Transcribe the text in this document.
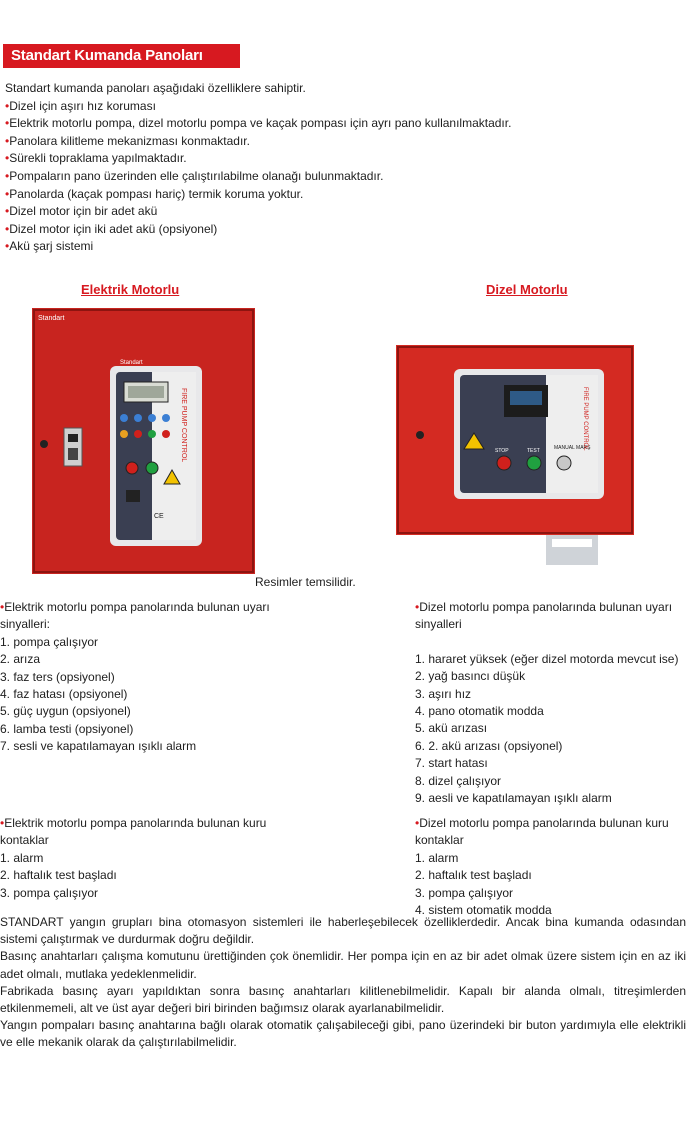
Standart Kumanda Panoları
Standart kumanda panoları aşağıdaki özelliklere sahiptir.
•Dizel için aşırı hız koruması
•Elektrik motorlu pompa, dizel motorlu pompa ve kaçak pompası için ayrı pano kullanılmaktadır.
•Panolara kilitleme mekanizması konmaktadır.
•Sürekli topraklama yapılmaktadır.
•Pompaların pano üzerinden elle çalıştırılabilme olanağı bulunmaktadır.
•Panolarda (kaçak pompası hariç) termik koruma yoktur.
•Dizel motor için bir adet akü
•Dizel motor için iki adet akü (opsiyonel)
•Akü şarj sistemi
Elektrik Motorlu	Dizel Motorlu
Standart
Standart
CE
FIRE PUMP CONTROL	STOP	TEST	MANUAL MARŞ
FIRE PUMP CONTROL
Resimler temsilidir.
•Elektrik motorlu pompa panolarında bulunan uyarı
sinyalleri:
1. pompa çalışıyor
2. arıza
3. faz ters (opsiyonel)
4. faz hatası (opsiyonel)
5. güç uygun (opsiyonel)
6. lamba testi (opsiyonel)
7. sesli ve kapatılamayan ışıklı alarm
•Dizel motorlu pompa panolarında bulunan uyarı
sinyalleri
1. hararet yüksek (eğer dizel motorda mevcut ise)
2. yağ basıncı düşük
3. aşırı hız
4. pano otomatik modda
5. akü arızası
6. 2. akü arızası (opsiyonel)
7. start hatası
8. dizel çalışıyor
9. aesli ve kapatılamayan ışıklı alarm
•Elektrik motorlu pompa panolarında bulunan kuru
kontaklar
1. alarm
2. haftalık test başladı
3. pompa çalışıyor
•Dizel motorlu pompa panolarında bulunan kuru
kontaklar
1. alarm
2. haftalık test başladı
3. pompa çalışıyor
4. sistem otomatik modda

STANDART yangın grupları bina otomasyon sistemleri ile haberleşebilecek özelliklerdedir. Ancak bina kumanda odasından sistemi çalıştırmak ve durdurmak doğru değildir.

Basınç anahtarları çalışma komutunu ürettiğinden çok önemlidir. Her pompa için en az bir adet olmak üzere sistem için en az iki adet olmalı, mutlaka yedeklenmelidir.

Fabrikada basınç ayarı yapıldıktan sonra basınç anahtarları kilitlenebilmelidir. Kapalı bir alanda olmalı, titreşimlerden etkilenmemeli, alt ve üst ayar değeri biri birinden bağımsız olarak ayarlanabilmelidir.

Yangın pompaları basınç anahtarına bağlı olarak otomatik çalışabileceği gibi, pano üzerindeki bir buton yardımıyla elle elektrikli ve elle mekanik olarak da çalıştırılabilmelidir.
